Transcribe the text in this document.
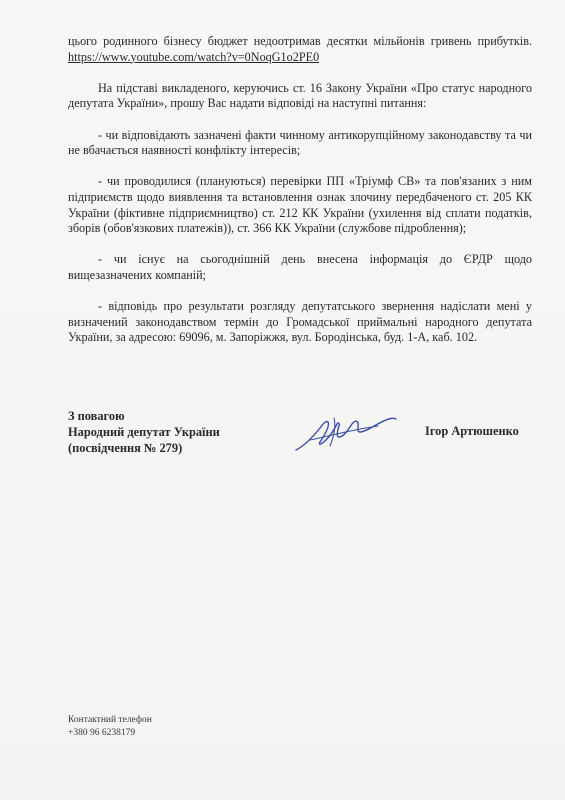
цього родинного бізнесу бюджет недоотримав десятки мільйонів гривень прибутків. https://www.youtube.com/watch?v=0NoqG1o2PE0

На підставі викладеного, керуючись ст. 16 Закону України «Про статус народного депутата України», прошу Вас надати відповіді на наступні питання:

- чи відповідають зазначені факти чинному антикорупційному законодавству та чи не вбачається наявності конфлікту інтересів;

- чи проводилися (плануються) перевірки ПП «Тріумф СВ» та пов'язаних з ним підприємств щодо виявлення та встановлення ознак злочину передбаченого ст. 205 КК України (фіктивне підприємництво) ст. 212 КК України (ухилення від сплати податків, зборів (обов'язкових платежів)), ст. 366 КК України (службове підроблення);

- чи існує на сьогоднішній день внесена інформація до ЄРДР щодо вищезазначених компаній;

- відповідь про результати розгляду депутатського звернення надіслати мені у визначений законодавством термін до Громадської приймальні народного депутата України, за адресою: 69096, м. Запоріжжя, вул. Бородінська, буд. 1-А, каб. 102.

З повагою
Народний депутат України
(посвідчення № 279)
Ігор Артюшенко
Контактний телефон
+380 96 6238179
